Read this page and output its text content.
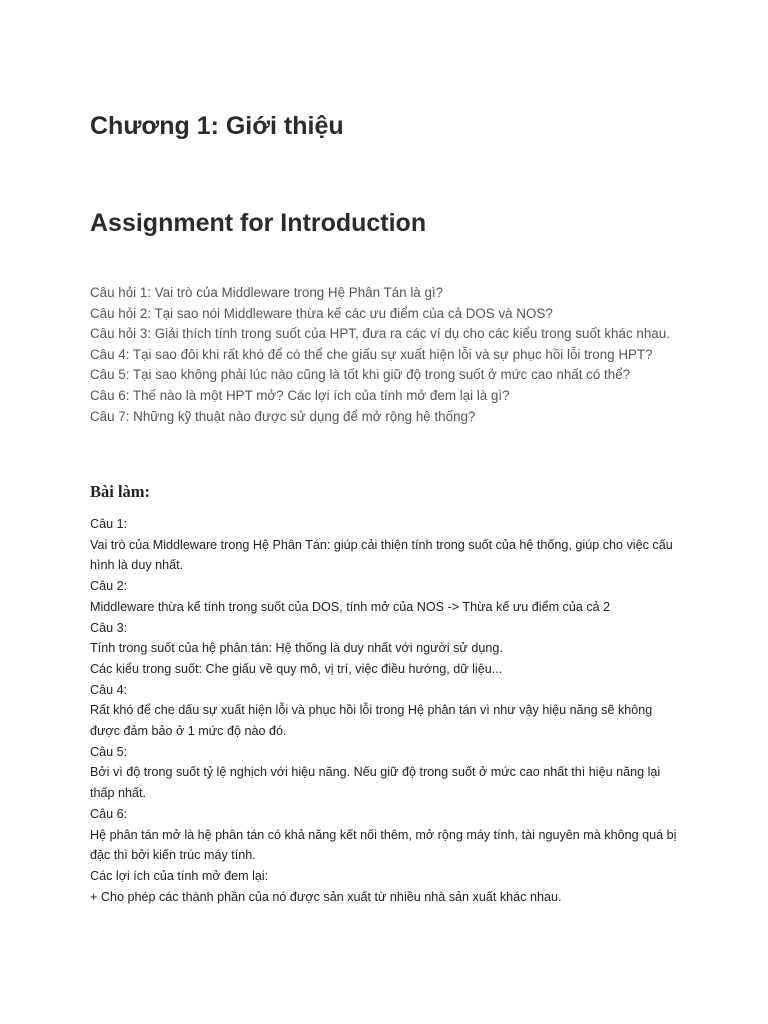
Chương 1: Giới thiệu
Assignment for Introduction

Câu hỏi 1: Vai trò của Middleware trong Hệ Phân Tán là gì?

Câu hỏi 2: Tại sao nói Middleware thừa kế các ưu điểm của cả DOS và NOS?

Câu hỏi 3: Giải thích tính trong suốt của HPT, đưa ra các ví dụ cho các kiểu trong suốt khác nhau.

Câu 4: Tại sao đôi khi rất khó để có thể che giấu sự xuất hiện lỗi và sự phục hồi lỗi trong HPT?

Câu 5: Tại sao không phải lúc nào cũng là tốt khi giữ độ trong suốt ở mức cao nhất có thể?

Câu 6: Thế nào là một HPT mở? Các lợi ích của tính mở đem lại là gì?

Câu 7: Những kỹ thuật nào được sử dụng để mở rộng hệ thống?

Bài làm:

Câu 1:

Vai trò của Middleware trong Hệ Phân Tán: giúp cải thiện tính trong suốt của hệ thống, giúp cho việc cấu hình là duy nhất.

Câu 2:

Middleware thừa kế tính trong suốt của DOS, tính mở của NOS -> Thừa kế ưu điểm của cả 2

Câu 3:

Tính trong suốt của hệ phân tán: Hệ thống là duy nhất với người sử dụng.

Các kiểu trong suốt: Che giấu về quy mô, vị trí, việc điều hướng, dữ liệu...

Câu 4:

Rất khó để che dấu sự xuất hiện lỗi và phục hồi lỗi trong Hệ phân tán vì như vậy hiệu năng sẽ không được đảm bảo ở 1 mức độ nào đó.

Câu 5:

Bởi vì độ trong suốt tỷ lệ nghịch với hiệu năng. Nếu giữ độ trong suốt ở mức cao nhất thì hiệu năng lại thấp nhất.

Câu 6:

Hệ phân tán mở là hệ phân tán có khả năng kết nối thêm, mở rộng máy tính, tài nguyên mà không quá bị đặc thì bởi kiến trúc máy tính.

Các lợi ích của tính mở đem lại:

+ Cho phép các thành phần của nó được sản xuất từ nhiều nhà sản xuất khác nhau.
